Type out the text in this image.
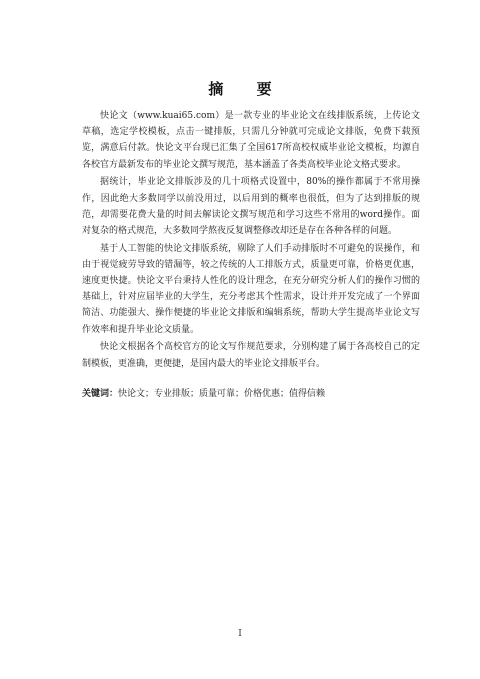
摘 要

快论文（www.kuai65.com）是一款专业的毕业论文在线排版系统，上传论文草稿，选定学校模板，点击一键排版，只需几分钟就可完成论文排版，免费下载预览，满意后付款。快论文平台现已汇集了全国617所高校权威毕业论文模板，均源自各校官方最新发布的毕业论文撰写规范，基本涵盖了各类高校毕业论文格式要求。

据统计，毕业论文排版涉及的几十项格式设置中，80%的操作都属于不常用操作，因此绝大多数同学以前没用过，以后用到的概率也很低，但为了达到排版的规范，却需要花费大量的时间去解读论文撰写规范和学习这些不常用的word操作。面对复杂的格式规范，大多数同学熬夜反复调整修改却还是存在各种各样的问题。

基于人工智能的快论文排版系统，剔除了人们手动排版时不可避免的误操作，和由于视觉疲劳导致的错漏等，较之传统的人工排版方式，质量更可靠，价格更优惠，速度更快捷。快论文平台秉持人性化的设计理念，在充分研究分析人们的操作习惯的基础上，针对应届毕业的大学生，充分考虑其个性需求，设计并开发完成了一个界面简洁、功能强大、操作便捷的毕业论文排版和编辑系统，帮助大学生提高毕业论文写作效率和提升毕业论文质量。

快论文根据各个高校官方的论文写作规范要求，分别构建了属于各高校自己的定制模板，更准确，更便捷，是国内最大的毕业论文排版平台。

关键词：快论文；专业排版；质量可靠；价格优惠；值得信赖

I
